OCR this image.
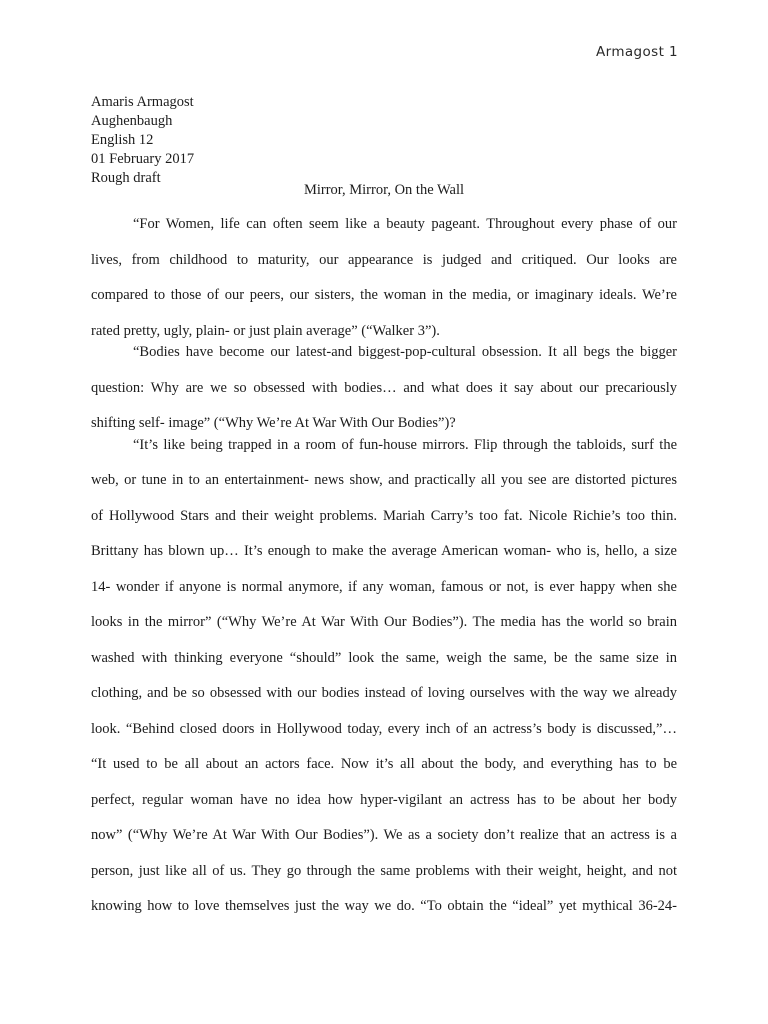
Armagost 1
Amaris Armagost
Aughenbaugh
English 12
01 February 2017
Rough draft
Mirror, Mirror, On the Wall
“For Women, life can often seem like a beauty pageant. Throughout every phase of our
lives, from childhood to maturity, our appearance is judged and critiqued. Our looks are
compared to those of our peers, our sisters, the woman in the media, or imaginary ideals. We’re
rated pretty, ugly, plain- or just plain average” (“Walker 3”).
“Bodies have become our latest-and biggest-pop-cultural obsession. It all begs the bigger
question: Why are we so obsessed with bodies… and what does it say about our precariously
shifting self- image” (“Why We’re At War With Our Bodies”)?
“It’s like being trapped in a room of fun-house mirrors. Flip through the tabloids, surf the
web, or tune in to an entertainment- news show, and practically all you see are distorted pictures
of Hollywood Stars and their weight problems. Mariah Carry’s too fat. Nicole Richie’s too thin.
Brittany has blown up… It’s enough to make the average American woman- who is, hello, a size
14- wonder if anyone is normal anymore, if any woman, famous or not, is ever happy when she
looks in the mirror” (“Why We’re At War With Our Bodies”). The media has the world so brain
washed with thinking everyone “should” look the same, weigh the same, be the same size in
clothing, and be so obsessed with our bodies instead of loving ourselves with the way we already
look. “Behind closed doors in Hollywood today, every inch of an actress’s body is discussed,”…
“It used to be all about an actors face. Now it’s all about the body, and everything has to be
perfect, regular woman have no idea how hyper-vigilant an actress has to be about her body
now” (“Why We’re At War With Our Bodies”). We as a society don’t realize that an actress is a
person, just like all of us. They go through the same problems with their weight, height, and not
knowing how to love themselves just the way we do. “To obtain the “ideal” yet mythical 36-24-
